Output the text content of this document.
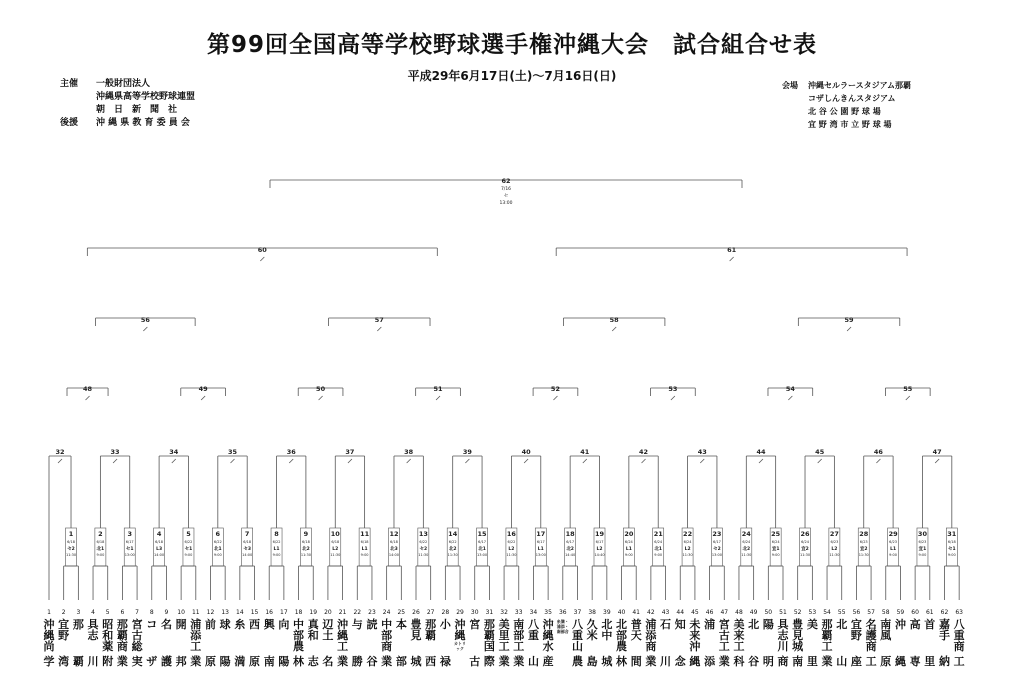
第99回全国高等学校野球選手権沖縄大会　試合組合せ表
平成29年6月17日(土)～7月16日(日)
主催	一般財団法人
沖縄県高等学校野球連盟
朝　日　新　聞　社
後援	沖 縄 県 教 育 委 員 会
会場	沖縄セルラースタジアム那覇
コザしんきんスタジアム
北 谷 公 園 野 球 場
宜 野 湾 市 立 野 球 場
1
6/18
セ2
11:30
2
6/18
北1
9:00
3
6/17
セ1
13:00
4
6/18
L3
14:00
5
6/22
セ1
9:00
6
6/22
北1
9:00
7
6/18
セ3
14:00
8
6/22
L1
9:00
9
6/18
北2
11:30
10
6/18
L2
11:30
11
6/18
L1
9:00
12
6/18
北3
14:00
13
6/22
セ2
11:30
14
6/22
北2
11:30
15
6/17
北1
13:00
16
6/22
L2
11:30
17
6/17
L1
13:00
18
6/17
北2
14:40
19
6/17
L2
14:40
20
6/24
L1
9:00
21
6/24
北1
9:00
22
6/24
L2
11:30
23
6/17
セ2
13:00
24
6/24
北2
11:30
25
6/24
宜1
9:00
26
6/24
宜2
11:30
27
6/23
L2
11:30
28
6/23
宜2
11:30
29
6/23
L1
9:00
30
6/23
宜1
9:00
31
6/18
セ1
9:00
32	33	34	35	36	37	38	39	40	41	42	43	44	45	46	47
48	49	50	51	52	53	54	55
56	57	58	59
60	61
62
7/16
セ
13:00
1
沖縄尚
学
2
宜野
湾
3
那
覇
4
具志
川
5
昭和薬
附
6
那覇商
業
7
宮古総
実
8
コ
ザ
9
名
護
10
開
邦
11
浦添工
業
12
前
原
13
球
陽
14
糸
満
15
西
原
16
興
南
17
向
陽
18
中部農
林
19
真和
志
20
辺土
名
21
沖縄工
業
22
与
勝
23
読
谷
24
中部商
業
25
本
部
26
豊見
城
27
那覇
西
28
小
禄
29
沖縄
カトリック
30
宮
古
31
那覇国
際
32
美里工
業
33
南部工
業
34
八重
山
35
沖縄水
産
36
糸満・浦添・南部合
37
八重山
農
38
久米
島
39
北中
城
40
北部農
林
41
普天
間
42
浦添商
業
43
石
川
44
知
念
45
未来沖
縄
46
浦
添
47
宮古工
業
48
美来工
科
49
北
谷
50
陽
明
51
具志川
商
52
豊見城
南
53
美
里
54
那覇工
業
55
北
山
56
宜野
座
57
名護商
工
58
南風
原
59
沖
縄
60
高
専
61
首
里
62
嘉手
納
63
八重商
工
